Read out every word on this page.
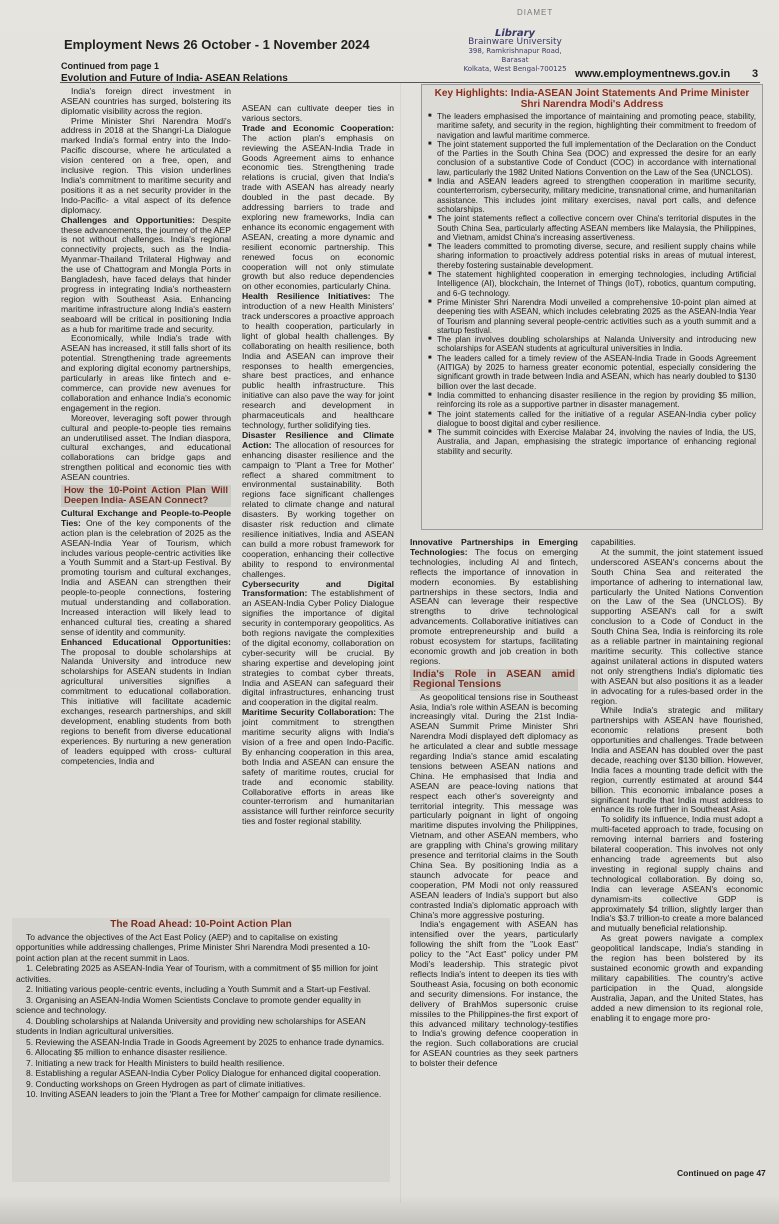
DIAMET
Employment News 26 October - 1 November 2024
Library
Brainware University
398, Ramkrishnapur Road, Barasat
Kolkata, West Bengal-700125 www.employmentnews.gov.in 3
Continued from page 1
Evolution and Future of India- ASEAN Relations

India's foreign direct investment in ASEAN countries has surged, bolstering its diplomatic visibility across the region.

Prime Minister Shri Narendra Modi's address in 2018 at the Shangri-La Dialogue marked India's formal entry into the Indo-Pacific discourse, where he articulated a vision centered on a free, open, and inclusive region. This vision underlines India's commitment to maritime security and positions it as a net security provider in the Indo-Pacific- a vital aspect of its defence diplomacy.

Challenges and Opportunities: Despite these advancements, the journey of the AEP is not without challenges. India's regional connectivity projects, such as the India-Myanmar-Thailand Trilateral Highway and the use of Chattogram and Mongla Ports in Bangladesh, have faced delays that hinder progress in integrating India's northeastern region with Southeast Asia. Enhancing maritime infrastructure along India's eastern seaboard will be critical in positioning India as a hub for maritime trade and security.

Economically, while India's trade with ASEAN has increased, it still falls short of its potential. Strengthening trade agreements and exploring digital economy partnerships, particularly in areas like fintech and e-commerce, can provide new avenues for collaboration and enhance India's economic engagement in the region.

Moreover, leveraging soft power through cultural and people-to-people ties remains an underutilised asset. The Indian diaspora, cultural exchanges, and educational collaborations can bridge gaps and strengthen political and economic ties with ASEAN countries.

How the 10-Point Action Plan Will Deepen India- ASEAN Connect?

Cultural Exchange and People-to-People Ties: One of the key components of the action plan is the celebration of 2025 as the ASEAN-India Year of Tourism, which includes various people-centric activities like a Youth Summit and a Start-up Festival. By promoting tourism and cultural exchanges, India and ASEAN can strengthen their people-to-people connections, fostering mutual understanding and collaboration. Increased interaction will likely lead to enhanced cultural ties, creating a shared sense of identity and community.

Enhanced Educational Opportunities: The proposal to double scholarships at Nalanda University and introduce new scholarships for ASEAN students in Indian agricultural universities signifies a commitment to educational collaboration. This initiative will facilitate academic exchanges, research partnerships, and skill development, enabling students from both regions to benefit from diverse educational experiences. By nurturing a new generation of leaders equipped with cross- cultural competencies, India and

ASEAN can cultivate deeper ties in various sectors.

Trade and Economic Cooperation: The action plan's emphasis on reviewing the ASEAN-India Trade in Goods Agreement aims to enhance economic ties. Strengthening trade relations is crucial, given that India's trade with ASEAN has already nearly doubled in the past decade. By addressing barriers to trade and exploring new frameworks, India can enhance its economic engagement with ASEAN, creating a more dynamic and resilient economic partnership. This renewed focus on economic cooperation will not only stimulate growth but also reduce dependencies on other economies, particularly China.

Health Resilience Initiatives: The introduction of a new Health Ministers' track underscores a proactive approach to health cooperation, particularly in light of global health challenges. By collaborating on health resilience, both India and ASEAN can improve their responses to health emergencies, share best practices, and enhance public health infrastructure. This initiative can also pave the way for joint research and development in pharmaceuticals and healthcare technology, further solidifying ties.

Disaster Resilience and Climate Action: The allocation of resources for enhancing disaster resilience and the campaign to 'Plant a Tree for Mother' reflect a shared commitment to environmental sustainability. Both regions face significant challenges related to climate change and natural disasters. By working together on disaster risk reduction and climate resilience initiatives, India and ASEAN can build a more robust framework for cooperation, enhancing their collective ability to respond to environmental challenges.

Cybersecurity and Digital Transformation: The establishment of an ASEAN-India Cyber Policy Dialogue signifies the importance of digital security in contemporary geopolitics. As both regions navigate the complexities of the digital economy, collaboration on cyber-security will be crucial. By sharing expertise and developing joint strategies to combat cyber threats, India and ASEAN can safeguard their digital infrastructures, enhancing trust and cooperation in the digital realm.

Maritime Security Collaboration: The joint commitment to strengthen maritime security aligns with India's vision of a free and open Indo-Pacific. By enhancing cooperation in this area, both India and ASEAN can ensure the safety of maritime routes, crucial for trade and economic stability. Collaborative efforts in areas like counter-terrorism and humanitarian assistance will further reinforce security ties and foster regional stability.

Key Highlights: India-ASEAN Joint Statements And Prime Minister Shri Narendra Modi's Address
■ The leaders emphasised the importance of maintaining and promoting peace, stability, maritime safety, and security in the region, highlighting their commitment to freedom of navigation and lawful maritime commerce.
■ The joint statement supported the full implementation of the Declaration on the Conduct of the Parties in the South China Sea (DOC) and expressed the desire for an early conclusion of a substantive Code of Conduct (COC) in accordance with international law, particularly the 1982 United Nations Convention on the Law of the Sea (UNCLOS).
■ India and ASEAN leaders agreed to strengthen cooperation in maritime security, counterterrorism, cybersecurity, military medicine, transnational crime, and humanitarian assistance. This includes joint military exercises, naval port calls, and defence scholarships.
■ The joint statements reflect a collective concern over China's territorial disputes in the South China Sea, particularly affecting ASEAN members like Malaysia, the Philippines, and Vietnam, amidst China's increasing assertiveness.
■ The leaders committed to promoting diverse, secure, and resilient supply chains while sharing information to proactively address potential risks in areas of mutual interest, thereby fostering sustainable development.
■ The statement highlighted cooperation in emerging technologies, including Artificial Intelligence (AI), blockchain, the Internet of Things (IoT), robotics, quantum computing, and 6-G technology.
■ Prime Minister Shri Narendra Modi unveiled a comprehensive 10-point plan aimed at deepening ties with ASEAN, which includes celebrating 2025 as the ASEAN-India Year of Tourism and planning several people-centric activities such as a youth summit and a startup festival.
■ The plan involves doubling scholarships at Nalanda University and introducing new scholarships for ASEAN students at agricultural universities in India.
■ The leaders called for a timely review of the ASEAN-India Trade in Goods Agreement (AITIGA) by 2025 to harness greater economic potential, especially considering the significant growth in trade between India and ASEAN, which has nearly doubled to $130 billion over the last decade.
■ India committed to enhancing disaster resilience in the region by providing $5 million, reinforcing its role as a supportive partner in disaster management.
■ The joint statements called for the initiative of a regular ASEAN-India cyber policy dialogue to boost digital and cyber resilience.
■ The summit coincides with Exercise Malabar 24, involving the navies of India, the US, Australia, and Japan, emphasising the strategic importance of enhancing regional stability and security.

Innovative Partnerships in Emerging Technologies: The focus on emerging technologies, including AI and fintech, reflects the importance of innovation in modern economies. By establishing partnerships in these sectors, India and ASEAN can leverage their respective strengths to drive technological advancements. Collaborative initiatives can promote entrepreneurship and build a robust ecosystem for startups, facilitating economic growth and job creation in both regions.

India's Role in ASEAN amid Regional Tensions

As geopolitical tensions rise in Southeast Asia, India's role within ASEAN is becoming increasingly vital. During the 21st India- ASEAN Summit Prime Minister Shri Narendra Modi displayed deft diplomacy as he articulated a clear and subtle message regarding India's stance amid escalating tensions between ASEAN nations and China. He emphasised that India and ASEAN are peace-loving nations that respect each other's sovereignty and territorial integrity. This message was particularly poignant in light of ongoing maritime disputes involving the Philippines, Vietnam, and other ASEAN members, who are grappling with China's growing military presence and territorial claims in the South China Sea. By positioning India as a staunch advocate for peace and cooperation, PM Modi not only reassured ASEAN leaders of India's support but also contrasted India's diplomatic approach with China's more aggressive posturing.

India's engagement with ASEAN has intensified over the years, particularly following the shift from the "Look East" policy to the "Act East" policy under PM Modi's leadership. This strategic pivot reflects India's intent to deepen its ties with Southeast Asia, focusing on both economic and security dimensions. For instance, the delivery of BrahMos supersonic cruise missiles to the Philippines-the first export of this advanced military technology-testifies to India's growing defence cooperation in the region. Such collaborations are crucial for ASEAN countries as they seek partners to bolster their defence

capabilities.

At the summit, the joint statement issued underscored ASEAN's concerns about the South China Sea and reiterated the importance of adhering to international law, particularly the United Nations Convention on the Law of the Sea (UNCLOS). By supporting ASEAN's call for a swift conclusion to a Code of Conduct in the South China Sea, India is reinforcing its role as a reliable partner in maintaining regional maritime security. This collective stance against unilateral actions in disputed waters not only strengthens India's diplomatic ties with ASEAN but also positions it as a leader in advocating for a rules-based order in the region.

While India's strategic and military partnerships with ASEAN have flourished, economic relations present both opportunities and challenges. Trade between India and ASEAN has doubled over the past decade, reaching over $130 billion. However, India faces a mounting trade deficit with the region, currently estimated at around $44 billion. This economic imbalance poses a significant hurdle that India must address to enhance its role further in Southeast Asia.

To solidify its influence, India must adopt a multi-faceted approach to trade, focusing on removing internal barriers and fostering bilateral cooperation. This involves not only enhancing trade agreements but also investing in regional supply chains and technological collaboration. By doing so, India can leverage ASEAN's economic dynamism-its collective GDP is approximately $4 trillion, slightly larger than India's $3.7 trillion-to create a more balanced and mutually beneficial relationship.

As great powers navigate a complex geopolitical landscape, India's standing in the region has been bolstered by its sustained economic growth and expanding military capabilities. The country's active participation in the Quad, alongside Australia, Japan, and the United States, has added a new dimension to its regional role, enabling it to engage more pro-

Continued on page 47
The Road Ahead: 10-Point Action Plan

To advance the objectives of the Act East Policy (AEP) and to capitalise on existing opportunities while addressing challenges, Prime Minister Shri Narendra Modi presented a 10-point action plan at the recent summit in Laos.

1. Celebrating 2025 as ASEAN-India Year of Tourism, with a commitment of $5 million for joint activities.

2. Initiating various people-centric events, including a Youth Summit and a Start-up Festival.

3. Organising an ASEAN-India Women Scientists Conclave to promote gender equality in science and technology.

4. Doubling scholarships at Nalanda University and providing new scholarships for ASEAN students in Indian agricultural universities.

5. Reviewing the ASEAN-India Trade in Goods Agreement by 2025 to enhance trade dynamics.

6. Allocating $5 million to enhance disaster resilience.

7. Initiating a new track for Health Ministers to build health resilience.

8. Establishing a regular ASEAN-India Cyber Policy Dialogue for enhanced digital cooperation.

9. Conducting workshops on Green Hydrogen as part of climate initiatives.

10. Inviting ASEAN leaders to join the 'Plant a Tree for Mother' campaign for climate resilience.
